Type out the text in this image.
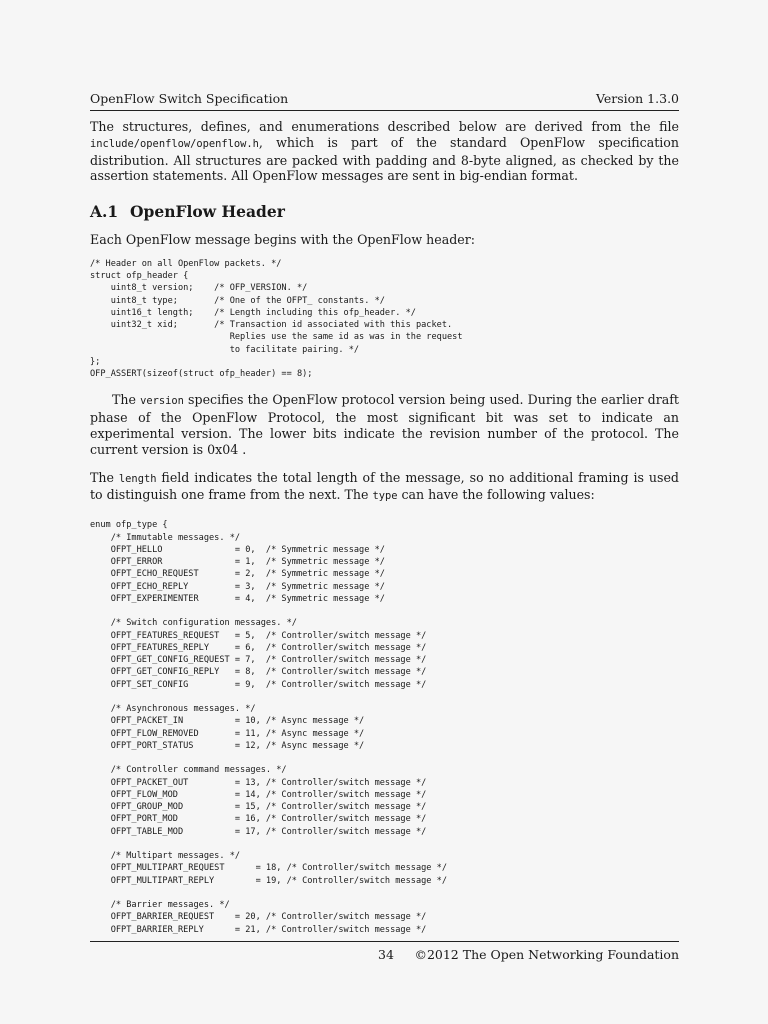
OpenFlow Switch Specification	Version 1.3.0

The structures, defines, and enumerations described below are derived from the file include/openflow/openflow.h, which is part of the standard OpenFlow specification distribution. All structures are packed with padding and 8-byte aligned, as checked by the assertion statements. All OpenFlow messages are sent in big-endian format.

A.1 OpenFlow Header

Each OpenFlow message begins with the OpenFlow header:

/* Header on all OpenFlow packets. */
struct ofp_header {
uint8_t version;    /* OFP_VERSION. */
uint8_t type;       /* One of the OFPT_ constants. */
uint16_t length;    /* Length including this ofp_header. */
uint32_t xid;       /* Transaction id associated with this packet.
Replies use the same id as was in the request
to facilitate pairing. */
};
OFP_ASSERT(sizeof(struct ofp_header) == 8);

The version specifies the OpenFlow protocol version being used. During the earlier draft phase of the OpenFlow Protocol, the most significant bit was set to indicate an experimental version. The lower bits indicate the revision number of the protocol. The current version is 0x04 .

The length field indicates the total length of the message, so no additional framing is used to distinguish one frame from the next. The type can have the following values:

enum ofp_type {
/* Immutable messages. */
OFPT_HELLO              = 0,  /* Symmetric message */
OFPT_ERROR              = 1,  /* Symmetric message */
OFPT_ECHO_REQUEST       = 2,  /* Symmetric message */
OFPT_ECHO_REPLY         = 3,  /* Symmetric message */
OFPT_EXPERIMENTER       = 4,  /* Symmetric message */

/* Switch configuration messages. */
OFPT_FEATURES_REQUEST   = 5,  /* Controller/switch message */
OFPT_FEATURES_REPLY     = 6,  /* Controller/switch message */
OFPT_GET_CONFIG_REQUEST = 7,  /* Controller/switch message */
OFPT_GET_CONFIG_REPLY   = 8,  /* Controller/switch message */
OFPT_SET_CONFIG         = 9,  /* Controller/switch message */

/* Asynchronous messages. */
OFPT_PACKET_IN          = 10, /* Async message */
OFPT_FLOW_REMOVED       = 11, /* Async message */
OFPT_PORT_STATUS        = 12, /* Async message */

/* Controller command messages. */
OFPT_PACKET_OUT         = 13, /* Controller/switch message */
OFPT_FLOW_MOD           = 14, /* Controller/switch message */
OFPT_GROUP_MOD          = 15, /* Controller/switch message */
OFPT_PORT_MOD           = 16, /* Controller/switch message */
OFPT_TABLE_MOD          = 17, /* Controller/switch message */

/* Multipart messages. */
OFPT_MULTIPART_REQUEST      = 18, /* Controller/switch message */
OFPT_MULTIPART_REPLY        = 19, /* Controller/switch message */

/* Barrier messages. */
OFPT_BARRIER_REQUEST    = 20, /* Controller/switch message */
OFPT_BARRIER_REPLY      = 21, /* Controller/switch message */
34 ©2012 The Open Networking Foundation
